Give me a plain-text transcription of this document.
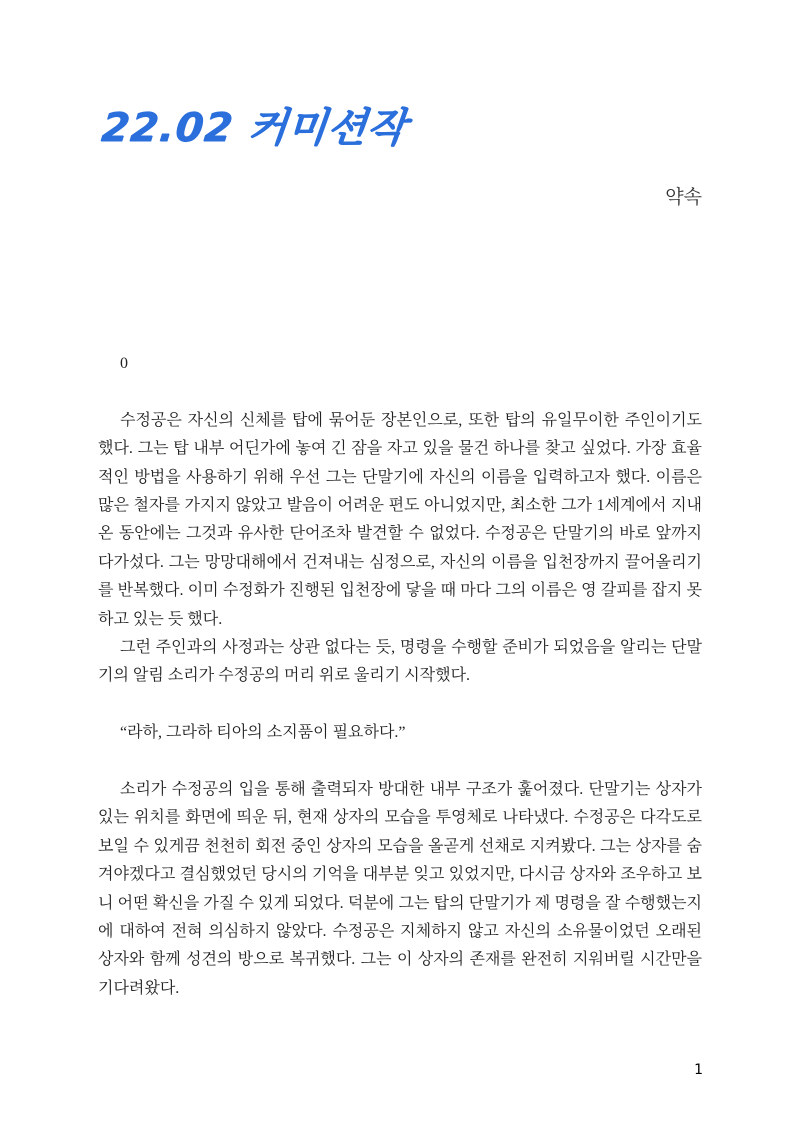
22.02 커미션작
약속

0

수정공은 자신의 신체를 탑에 묶어둔 장본인으로, 또한 탑의 유일무이한 주인이기도 했다. 그는 탑 내부 어딘가에 놓여 긴 잠을 자고 있을 물건 하나를 찾고 싶었다. 가장 효율적인 방법을 사용하기 위해 우선 그는 단말기에 자신의 이름을 입력하고자 했다. 이름은 많은 철자를 가지지 않았고 발음이 어려운 편도 아니었지만, 최소한 그가 1세계에서 지내온 동안에는 그것과 유사한 단어조차 발견할 수 없었다. 수정공은 단말기의 바로 앞까지 다가섰다. 그는 망망대해에서 건져내는 심정으로, 자신의 이름을 입천장까지 끌어올리기를 반복했다. 이미 수정화가 진행된 입천장에 닿을 때 마다 그의 이름은 영 갈피를 잡지 못하고 있는 듯 했다.

그런 주인과의 사정과는 상관 없다는 듯, 명령을 수행할 준비가 되었음을 알리는 단말기의 알림 소리가 수정공의 머리 위로 울리기 시작했다.

“라하, 그라하 티아의 소지품이 필요하다.”

소리가 수정공의 입을 통해 출력되자 방대한 내부 구조가 훑어졌다. 단말기는 상자가 있는 위치를 화면에 띄운 뒤, 현재 상자의 모습을 투영체로 나타냈다. 수정공은 다각도로 보일 수 있게끔 천천히 회전 중인 상자의 모습을 올곧게 선채로 지켜봤다. 그는 상자를 숨겨야겠다고 결심했었던 당시의 기억을 대부분 잊고 있었지만, 다시금 상자와 조우하고 보니 어떤 확신을 가질 수 있게 되었다. 덕분에 그는 탑의 단말기가 제 명령을 잘 수행했는지에 대하여 전혀 의심하지 않았다. 수정공은 지체하지 않고 자신의 소유물이었던 오래된 상자와 함께 성견의 방으로 복귀했다. 그는 이 상자의 존재를 완전히 지워버릴 시간만을 기다려왔다.

1
